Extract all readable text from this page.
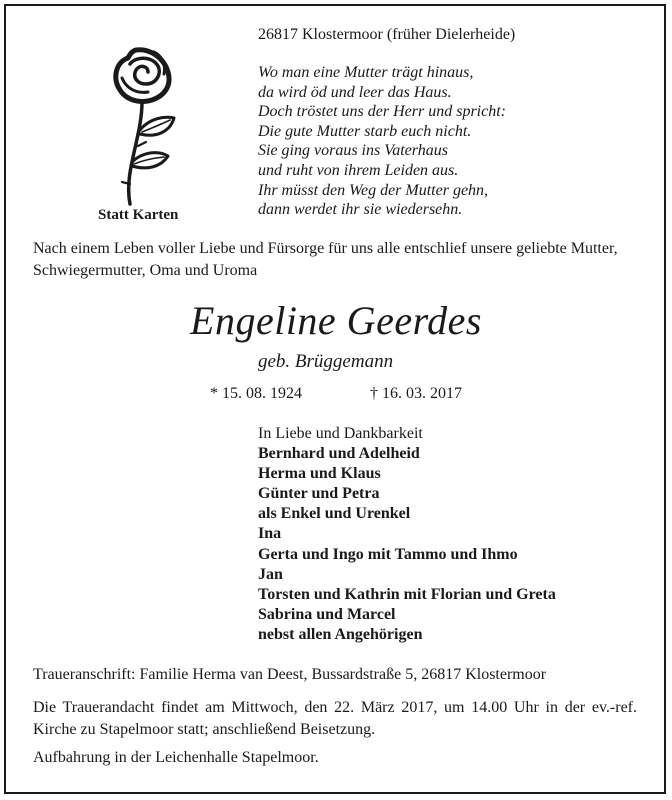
Statt Karten
26817 Klostermoor (früher Dielerheide)
Wo man eine Mutter trägt hinaus,
da wird öd und leer das Haus.
Doch tröstet uns der Herr und spricht:
Die gute Mutter starb euch nicht.
Sie ging voraus ins Vaterhaus
und ruht von ihrem Leiden aus.
Ihr müsst den Weg der Mutter gehn,
dann werdet ihr sie wiedersehn.
Nach einem Leben voller Liebe und Fürsorge für uns alle entschlief unsere geliebte Mutter, Schwiegermutter, Oma und Uroma
Engeline Geerdes
geb. Brüggemann
* 15. 08. 1924	† 16. 03. 2017
In Liebe und Dankbarkeit
Bernhard und Adelheid
Herma und Klaus
Günter und Petra
als Enkel und Urenkel
Ina
Gerta und Ingo mit Tammo und Ihmo
Jan
Torsten und Kathrin mit Florian und Greta
Sabrina und Marcel
nebst allen Angehörigen
Traueranschrift: Familie Herma van Deest, Bussardstraße 5, 26817 Klostermoor
Die Trauerandacht findet am Mittwoch, den 22. März 2017, um 14.00 Uhr in der ev.-ref. Kirche zu Stapelmoor statt; anschließend Beisetzung.
Aufbahrung in der Leichenhalle Stapelmoor.
